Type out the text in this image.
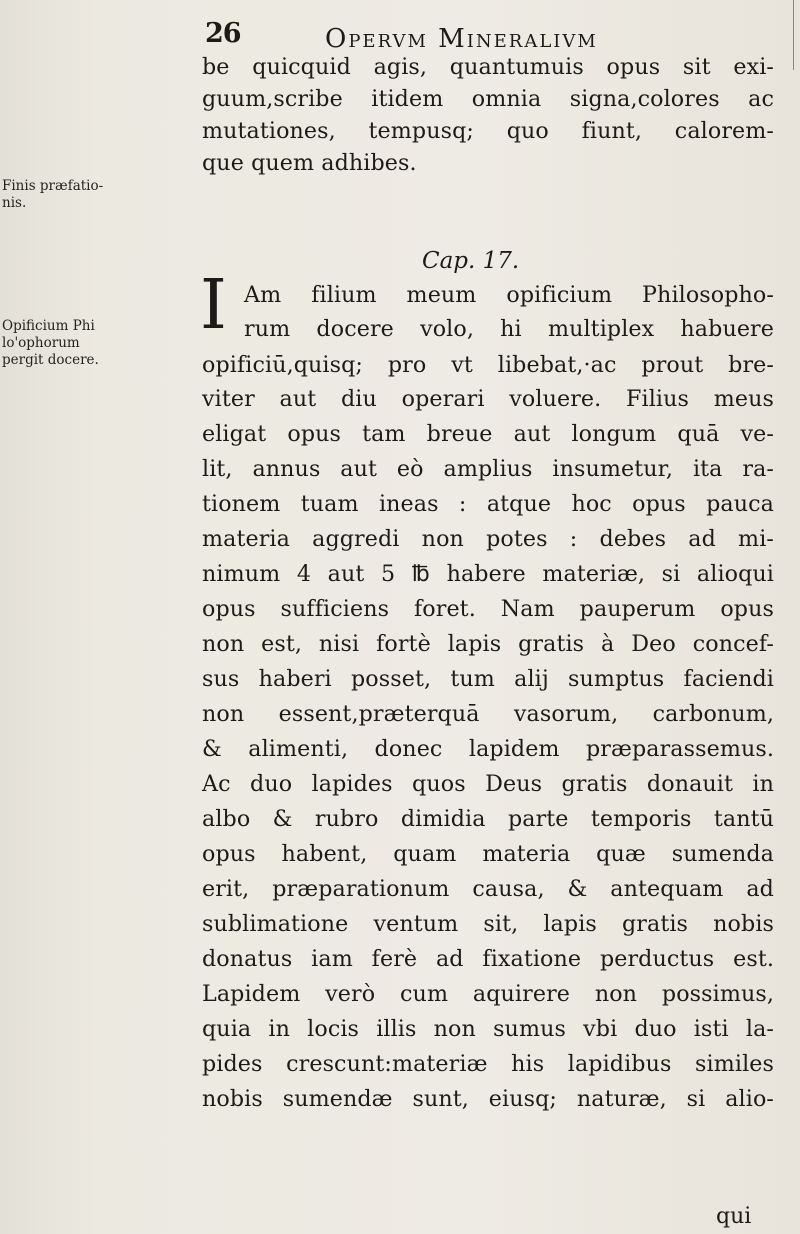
26	Opervm Mineralivm
Finis præfatio-
nis.
Opificium Phi
lo'ophorum
pergit docere.
be quicquid agis, quantumuis opus sit exi-
guum,scribe itidem omnia signa,colores ac
mutationes, tempusq; quo fiunt, calorem-
que quem adhibes.
Cap. 17.
I Am filium meum opificium Philosopho-
rum docere volo, hi multiplex habuere
opificiū,quisq; pro vt libebat,·ac prout bre-
viter aut diu operari voluere. Filius meus
eligat opus tam breue aut longum quā ve-
lit, annus aut eò amplius insumetur, ita ra-
tionem tuam ineas : atque hoc opus pauca
materia aggredi non potes : debes ad mi-
nimum 4 aut 5 ℔ habere materiæ, si alioqui
opus sufficiens foret. Nam pauperum opus
non est, nisi fortè lapis gratis à Deo concef-
sus haberi posset, tum alij sumptus faciendi
non essent,præterquā vasorum, carbonum,
& alimenti, donec lapidem præparassemus.
Ac duo lapides quos Deus gratis donauit in
albo & rubro dimidia parte temporis tantū
opus habent, quam materia quæ sumenda
erit, præparationum causa, & antequam ad
sublimatione ventum sit, lapis gratis nobis
donatus iam ferè ad fixatione perductus est.
Lapidem verò cum aquirere non possimus,
quia in locis illis non sumus vbi duo isti la-
pides crescunt:materiæ his lapidibus similes
nobis sumendæ sunt, eiusq; naturæ, si alio-
qui
